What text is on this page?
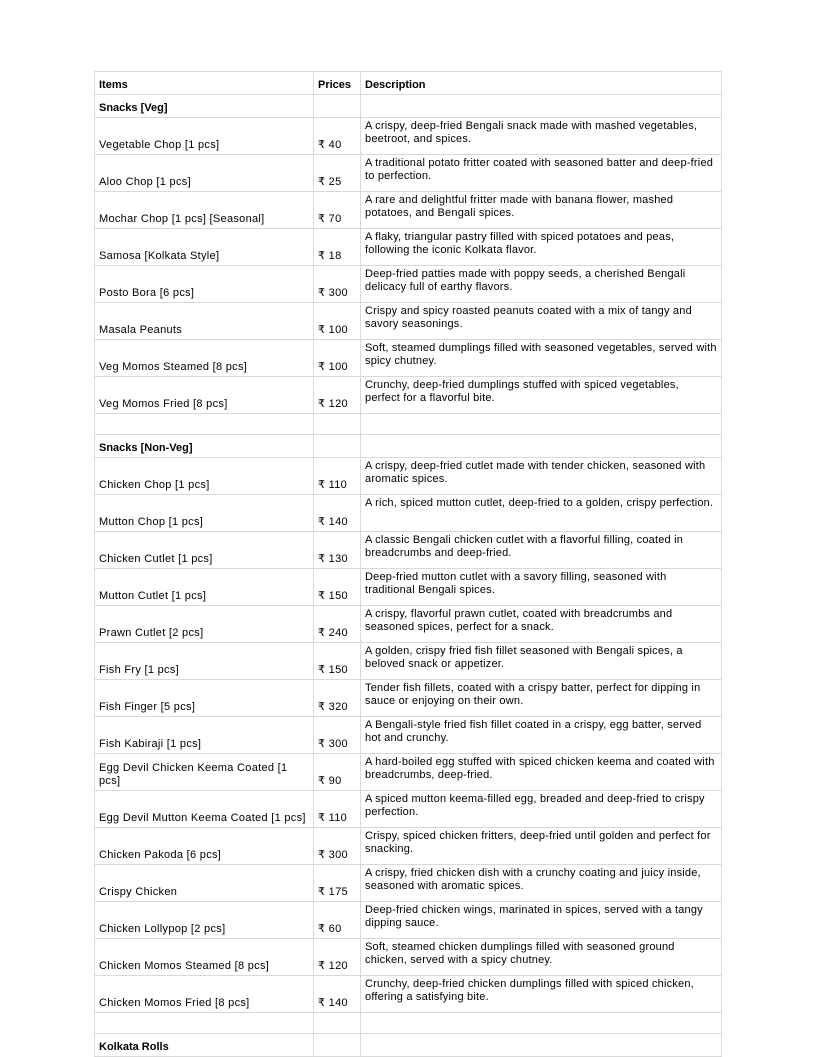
Items	Prices	Description
Snacks [Veg]		
Vegetable Chop [1 pcs]	₹ 40	A crispy, deep-fried Bengali snack made with mashed vegetables, beetroot, and spices.
Aloo Chop [1 pcs]	₹ 25	A traditional potato fritter coated with seasoned batter and deep-fried to perfection.
Mochar Chop [1 pcs] [Seasonal]	₹ 70	A rare and delightful fritter made with banana flower, mashed potatoes, and Bengali spices.
Samosa [Kolkata Style]	₹ 18	A flaky, triangular pastry filled with spiced potatoes and peas, following the iconic Kolkata flavor.
Posto Bora [6 pcs]	₹ 300	Deep-fried patties made with poppy seeds, a cherished Bengali delicacy full of earthy flavors.
Masala Peanuts	₹ 100	Crispy and spicy roasted peanuts coated with a mix of tangy and savory seasonings.
Veg Momos Steamed [8 pcs]	₹ 100	Soft, steamed dumplings filled with seasoned vegetables, served with spicy chutney.
Veg Momos Fried [8 pcs]	₹ 120	Crunchy, deep-fried dumplings stuffed with spiced vegetables, perfect for a flavorful bite.

Snacks [Non-Veg]		
Chicken Chop [1 pcs]	₹ 110	A crispy, deep-fried cutlet made with tender chicken, seasoned with aromatic spices.
Mutton Chop [1 pcs]	₹ 140	A rich, spiced mutton cutlet, deep-fried to a golden, crispy perfection.
Chicken Cutlet [1 pcs]	₹ 130	A classic Bengali chicken cutlet with a flavorful filling, coated in breadcrumbs and deep-fried.
Mutton Cutlet [1 pcs]	₹ 150	Deep-fried mutton cutlet with a savory filling, seasoned with traditional Bengali spices.
Prawn Cutlet [2 pcs]	₹ 240	A crispy, flavorful prawn cutlet, coated with breadcrumbs and seasoned spices, perfect for a snack.
Fish Fry [1 pcs]	₹ 150	A golden, crispy fried fish fillet seasoned with Bengali spices, a beloved snack or appetizer.
Fish Finger [5 pcs]	₹ 320	Tender fish fillets, coated with a crispy batter, perfect for dipping in sauce or enjoying on their own.
Fish Kabiraji [1 pcs]	₹ 300	A Bengali-style fried fish fillet coated in a crispy, egg batter, served hot and crunchy.
Egg Devil Chicken Keema Coated [1 pcs]	₹ 90	A hard-boiled egg stuffed with spiced chicken keema and coated with breadcrumbs, deep-fried.
Egg Devil Mutton Keema Coated [1 pcs]	₹ 110	A spiced mutton keema-filled egg, breaded and deep-fried to crispy perfection.
Chicken Pakoda [6 pcs]	₹ 300	Crispy, spiced chicken fritters, deep-fried until golden and perfect for snacking.
Crispy Chicken	₹ 175	A crispy, fried chicken dish with a crunchy coating and juicy inside, seasoned with aromatic spices.
Chicken Lollypop [2 pcs]	₹ 60	Deep-fried chicken wings, marinated in spices, served with a tangy dipping sauce.
Chicken Momos Steamed [8 pcs]	₹ 120	Soft, steamed chicken dumplings filled with seasoned ground chicken, served with a spicy chutney.
Chicken Momos Fried [8 pcs]	₹ 140	Crunchy, deep-fried chicken dumplings filled with spiced chicken, offering a satisfying bite.

Kolkata Rolls		
